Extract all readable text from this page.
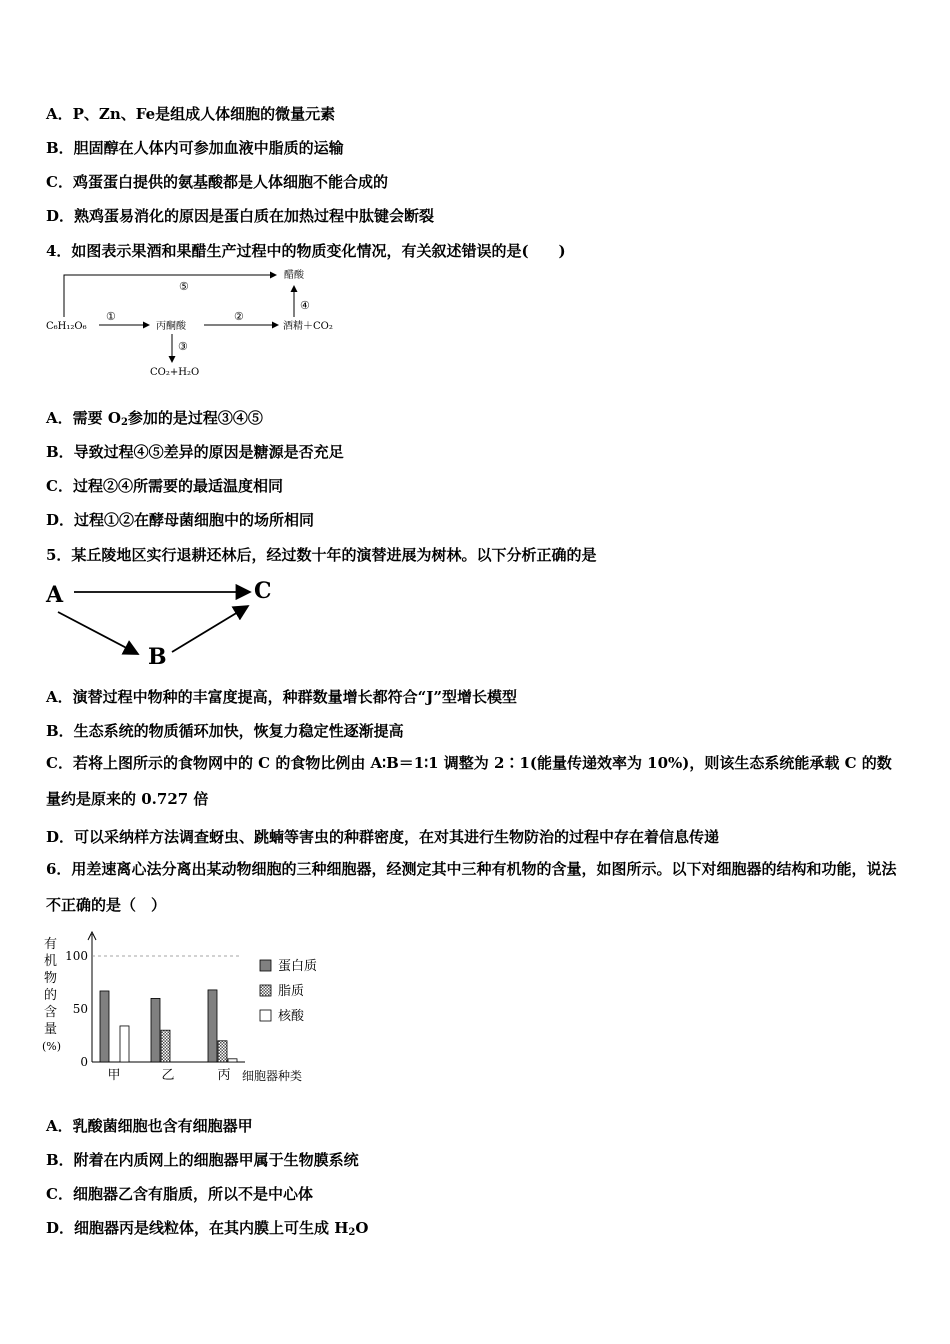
A．P、Zn、Fe是组成人体细胞的微量元素
B．胆固醇在人体内可参加血液中脂质的运输
C．鸡蛋蛋白提供的氨基酸都是人体细胞不能合成的
D．熟鸡蛋易消化的原因是蛋白质在加热过程中肽键会断裂
4．如图表示果酒和果醋生产过程中的物质变化情况，有关叙述错误的是(　　)
C₆H₁₂O₆
①
丙酮酸
②
酒精＋CO₂
③
CO₂+H₂O
④
醋酸
⑤
A．需要 $O_2$参加的是过程③④⑤
B．导致过程④⑤差异的原因是糖源是否充足
C．过程②④所需要的最适温度相同
D．过程①②在酵母菌细胞中的场所相同
5．某丘陵地区实行退耕还林后，经过数十年的演替进展为树林。以下分析正确的是
A	C
B
A．演替过程中物种的丰富度提高，种群数量增长都符合“J”型增长模型
B．生态系统的物质循环加快，恢复力稳定性逐渐提高
C．若将上图所示的食物网中的 C 的食物比例由 A∶B＝1∶1 调整为 2∶1(能量传递效率为 10%)，则该生态系统能承载 C 的数量约是原来的 0.727 倍
D．可以采纳样方法调查蚜虫、跳蝻等害虫的种群密度，在对其进行生物防治的过程中存在着信息传递
6．用差速离心法分离出某动物细胞的三种细胞器，经测定其中三种有机物的含量，如图所示。以下对细胞器的结构和功能，说法不正确的是（　）
有
机
物
的
含
量
(%)
0
50
100
甲	乙	丙 细胞器种类
蛋白质
脂质
核酸
A．乳酸菌细胞也含有细胞器甲
B．附着在内质网上的细胞器甲属于生物膜系统
C．细胞器乙含有脂质，所以不是中心体
D．细胞器丙是线粒体，在其内膜上可生成 $H_2O$
